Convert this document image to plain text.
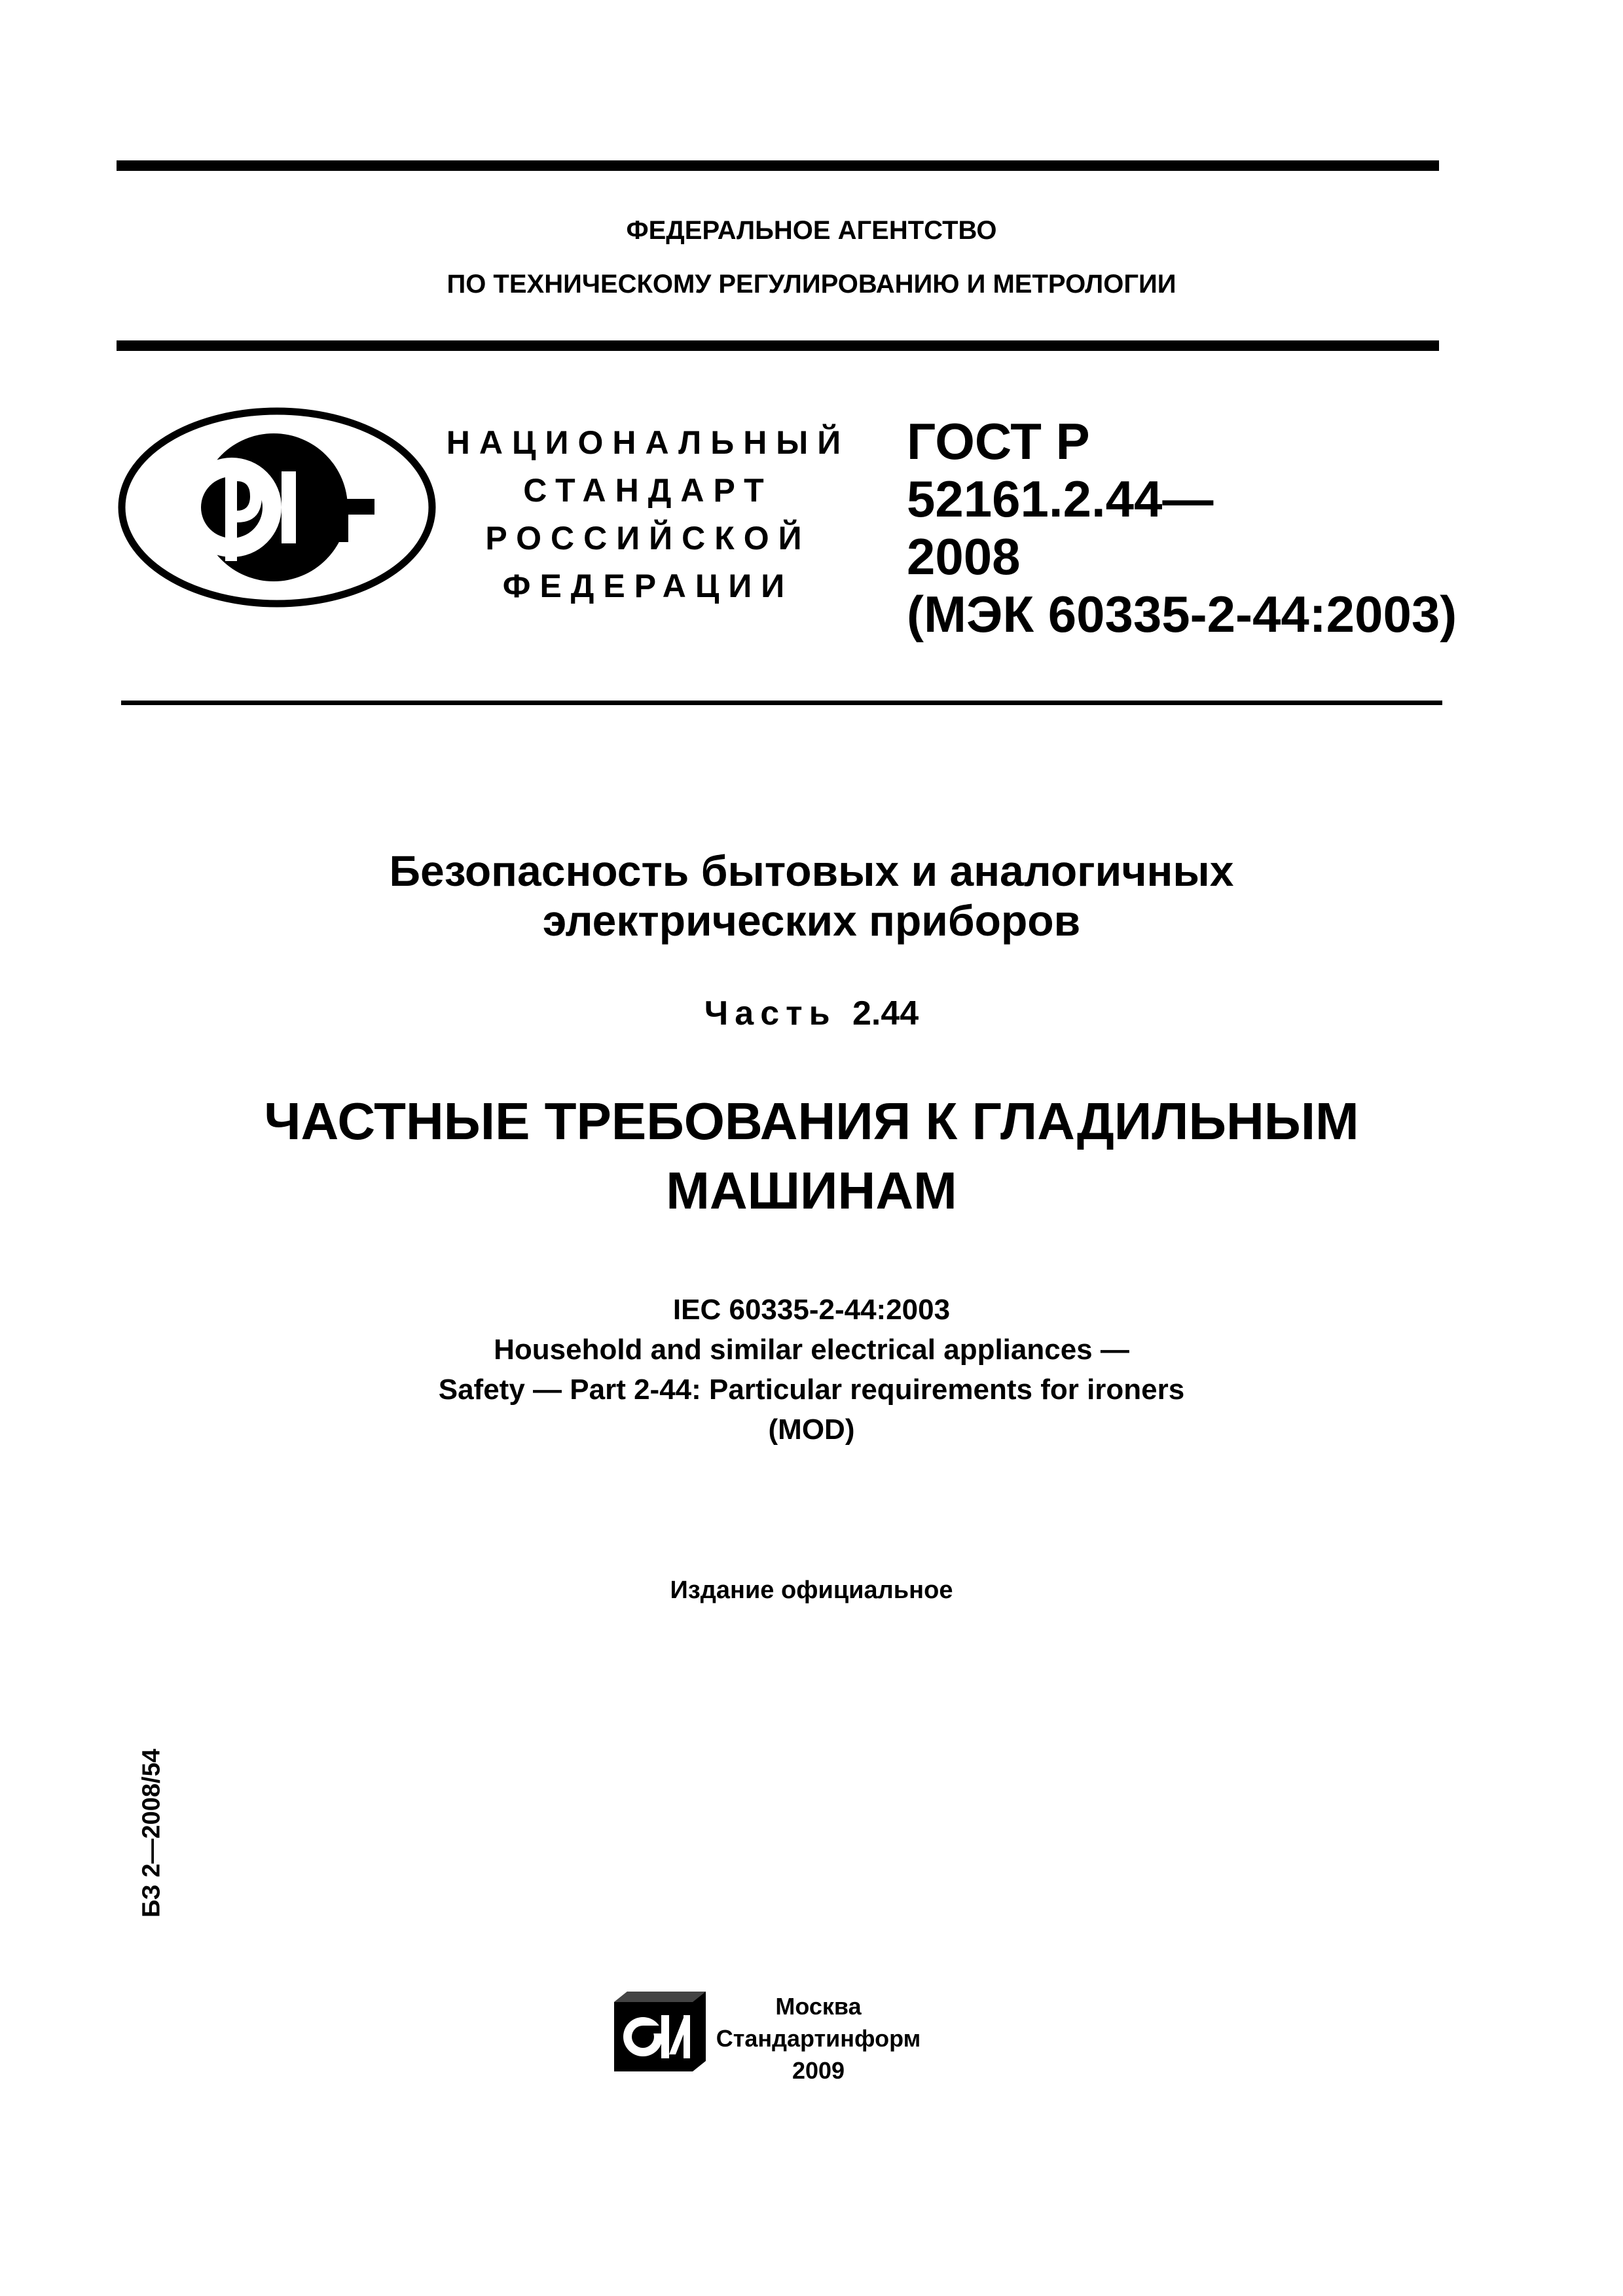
ФЕДЕРАЛЬНОЕ АГЕНТСТВО
ПО ТЕХНИЧЕСКОМУ РЕГУЛИРОВАНИЮ И МЕТРОЛОГИИ
НАЦИОНАЛЬНЫЙ
СТАНДАРТ
РОССИЙСКОЙ
ФЕДЕРАЦИИ
ГОСТ Р
52161.2.44—
2008
(МЭК 60335-2-44:2003)
Безопасность бытовых и аналогичных
электрических приборов
Часть 2.44
ЧАСТНЫЕ ТРЕБОВАНИЯ К ГЛАДИЛЬНЫМ
МАШИНАМ
IEC 60335-2-44:2003
Household and similar electrical appliances —
Safety — Part 2-44: Particular requirements for ironers
(MOD)
Издание официальное
БЗ 2—2008/54
Москва
Стандартинформ
2009
